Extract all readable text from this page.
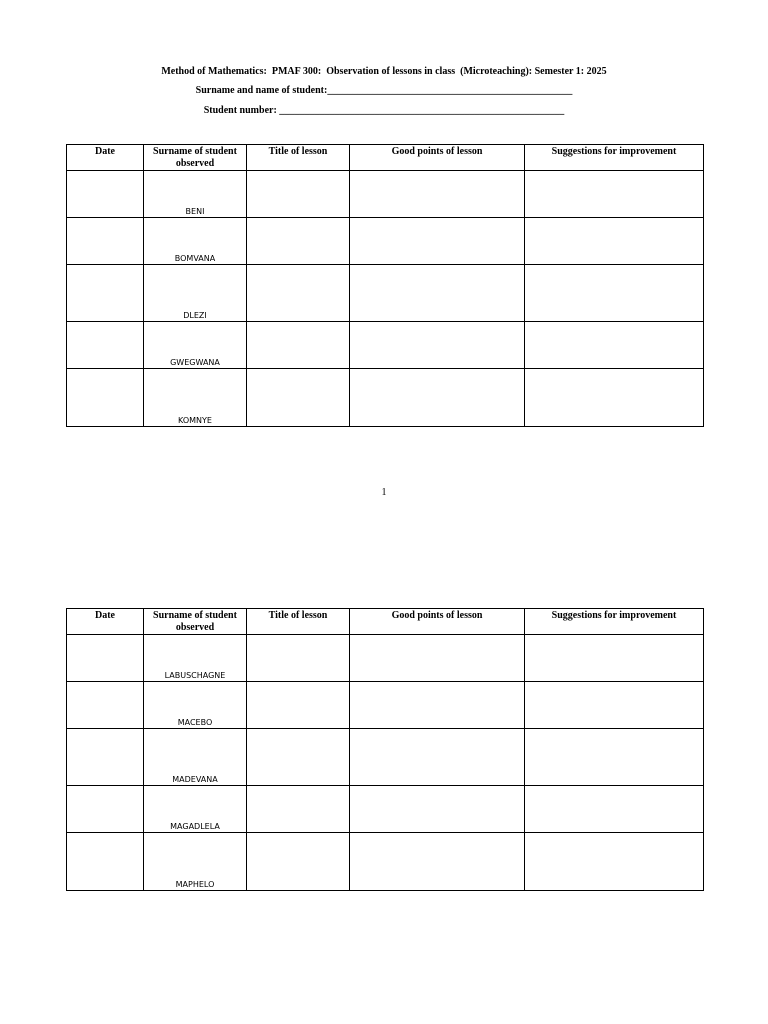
Method of Mathematics:  PMAF 300:  Observation of lessons in class  (Microteaching): Semester 1: 2025
Surname and name of student:_________________________________________________
Student number: _________________________________________________________
Date	Surname of student observed	Title of lesson	Good points of lesson	Suggestions for improvement
	BENI			
	BOMVANA			
	DLEZI			
	GWEGWANA			
	KOMNYE			
1
Date	Surname of student observed	Title of lesson	Good points of lesson	Suggestions for improvement
	LABUSCHAGNE			
	MACEBO			
	MADEVANA			
	MAGADLELA			
	MAPHELO			
